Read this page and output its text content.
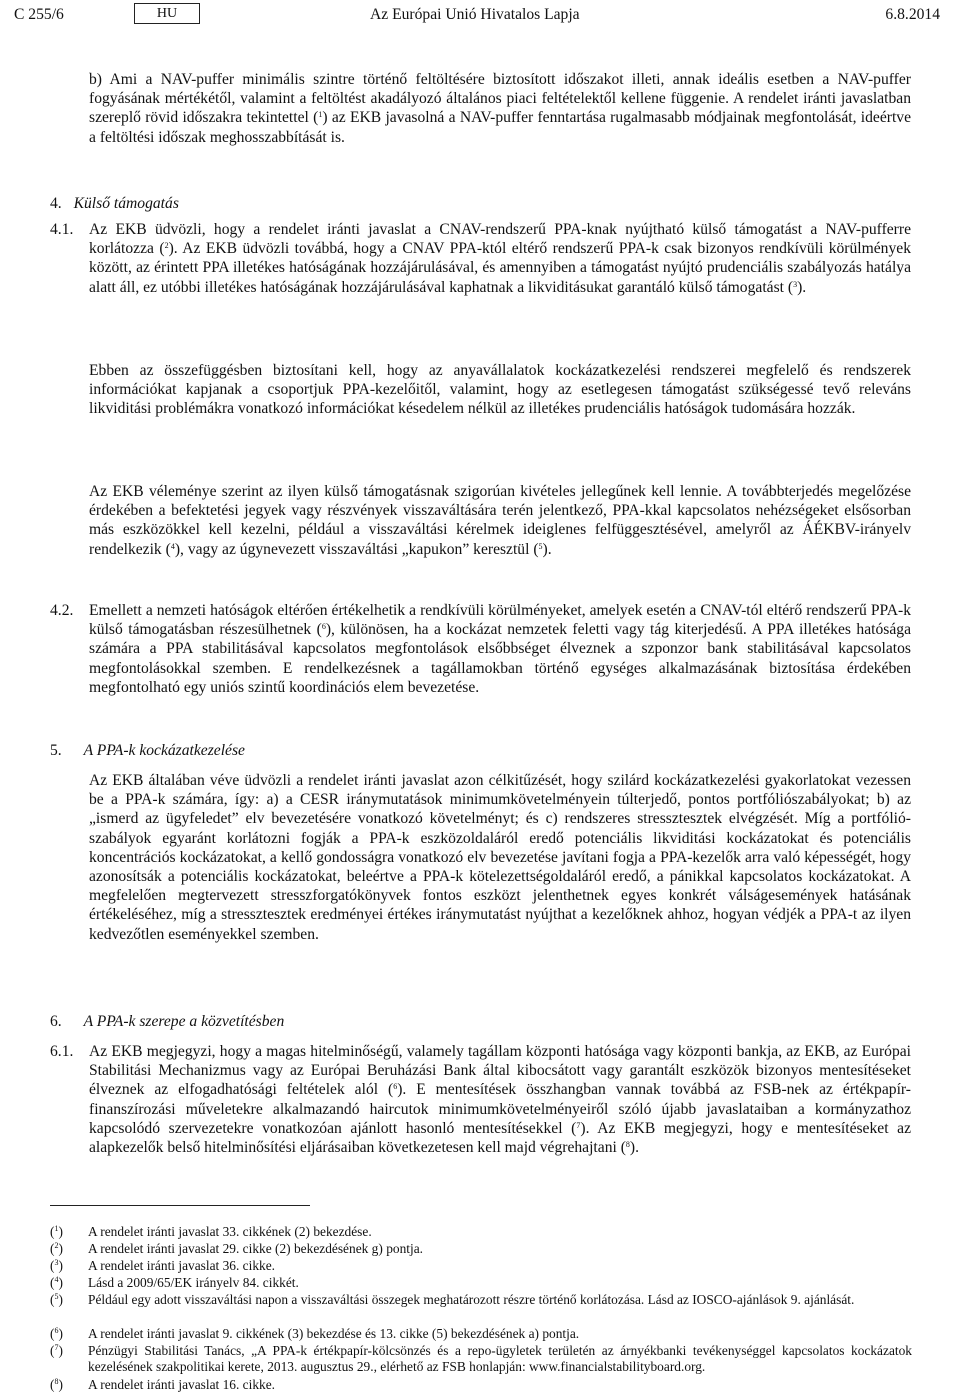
C 255/6	HU	Az Európai Unió Hivatalos Lapja	6.8.2014
b) Ami a NAV-puffer minimális szintre történő feltöltésére biztosított időszakot illeti, annak ideális esetben a NAV-puffer fogyásának mértékétől, valamint a feltöltést akadályozó általános piaci feltételektől kellene függenie. A rendelet iránti javaslatban szereplő rövid időszakra tekintettel ($^1$) az EKB javasolná a NAV-puffer fenntartása rugalmasabb módjainak megfontolását, ideértve a feltöltési időszak meghosszabbítását is.
4. Külső támogatás
4.1. Az EKB üdvözli, hogy a rendelet iránti javaslat a CNAV-rendszerű PPA-knak nyújtható külső támogatást a NAV-pufferre korlátozza ($^2$). Az EKB üdvözli továbbá, hogy a CNAV PPA-któl eltérő rendszerű PPA-k csak bizonyos rendkívüli körülmények között, az érintett PPA illetékes hatóságának hozzájárulásával, és amennyiben a támogatást nyújtó prudenciális szabályozás hatálya alatt áll, ez utóbbi illetékes hatóságának hozzájárulásával kaphatnak a likviditásukat garantáló külső támogatást ($^3$).
Ebben az összefüggésben biztosítani kell, hogy az anyavállalatok kockázatkezelési rendszerei megfelelő és rendszerek információkat kapjanak a csoportjuk PPA-kezelőitől, valamint, hogy az esetlegesen támogatást szükségessé tevő releváns likviditási problémákra vonatkozó információkat késedelem nélkül az illetékes prudenciális hatóságok tudomására hozzák.
Az EKB véleménye szerint az ilyen külső támogatásnak szigorúan kivételes jellegűnek kell lennie. A továbbterjedés megelőzése érdekében a befektetési jegyek vagy részvények visszaváltására terén jelentkező, PPA-kkal kapcsolatos nehézségeket elsősorban más eszközökkel kell kezelni, például a visszaváltási kérelmek ideiglenes felfüggesztésével, amelyről az ÁÉKBV-irányelv rendelkezik ($^4$), vagy az úgynevezett visszaváltási „kapukon” keresztül ($^5$).
4.2. Emellett a nemzeti hatóságok eltérően értékelhetik a rendkívüli körülményeket, amelyek esetén a CNAV-tól eltérő rendszerű PPA-k külső támogatásban részesülhetnek ($^6$), különösen, ha a kockázat nemzetek feletti vagy tág kiterjedésű. A PPA illetékes hatósága számára a PPA stabilitásával kapcsolatos megfontolások elsőbbséget élveznek a szponzor bank stabilitásával kapcsolatos megfontolásokkal szemben. E rendelkezésnek a tagállamokban történő egységes alkalmazásának biztosítása érdekében megfontolható egy uniós szintű koordinációs elem bevezetése.
5. A PPA-k kockázatkezelése
Az EKB általában véve üdvözli a rendelet iránti javaslat azon célkitűzését, hogy szilárd kockázatkezelési gyakorlatokat vezessen be a PPA-k számára, így: a) a CESR iránymutatások minimumkövetelményein túlterjedő, pontos portfóliószabályokat; b) az „ismerd az ügyfeledet” elv bevezetésére vonatkozó követelményt; és c) rendszeres stressztesztek elvégzését. Míg a portfóliószabályok egyaránt korlátozni fogják a PPA-k eszközoldaláról eredő potenciális likviditási kockázatokat és potenciális koncentrációs kockázatokat, a kellő gondosságra vonatkozó elv bevezetése javítani fogja a PPA-kezelők arra való képességét, hogy azonosítsák a potenciális kockázatokat, beleértve a PPA-k kötelezettségoldaláról eredő, a pánikkal kapcsolatos kockázatokat. A megfelelően megtervezett stresszforgatókönyvek fontos eszközt jelenthetnek egyes konkrét válságesemények hatásának értékeléséhez, míg a stressztesztek eredményei értékes iránymutatást nyújthat a kezelőknek ahhoz, hogyan védjék a PPA-t az ilyen kedvezőtlen eseményekkel szemben.
6. A PPA-k szerepe a közvetítésben
6.1. Az EKB megjegyzi, hogy a magas hitelminőségű, valamely tagállam központi hatósága vagy központi bankja, az EKB, az Európai Stabilitási Mechanizmus vagy az Európai Beruházási Bank által kibocsátott vagy garantált eszközök bizonyos mentesítéseket élveznek az elfogadhatósági feltételek alól ($^6$). E mentesítések összhangban vannak továbbá az FSB-nek az értékpapír-finanszírozási műveletekre alkalmazandó haircutok minimumkövetelményeiről szóló újabb javaslataiban a kormányzathoz kapcsolódó szervezetekre vonatkozóan ajánlott hasonló mentesítésekkel ($^7$). Az EKB megjegyzi, hogy e mentesítéseket az alapkezelők belső hitelminősítési eljárásaiban következetesen kell majd végrehajtani ($^8$).
($^1$) A rendelet iránti javaslat 33. cikkének (2) bekezdése.
($^2$) A rendelet iránti javaslat 29. cikke (2) bekezdésének g) pontja.
($^3$) A rendelet iránti javaslat 36. cikke.
($^4$) Lásd a 2009/65/EK irányelv 84. cikkét.
($^5$) Például egy adott visszaváltási napon a visszaváltási összegek meghatározott részre történő korlátozása. Lásd az IOSCO-ajánlások 9. ajánlását.
($^6$) A rendelet iránti javaslat 9. cikkének (3) bekezdése és 13. cikke (5) bekezdésének a) pontja.
($^7$) Pénzügyi Stabilitási Tanács, „A PPA-k értékpapír-kölcsönzés és a repo-ügyletek területén az árnyékbanki tevékenységgel kapcsolatos kockázatok kezelésének szakpolitikai kerete, 2013. augusztus 29., elérhető az FSB honlapján: www.financialstabilityboard.org.
($^8$) A rendelet iránti javaslat 16. cikke.
